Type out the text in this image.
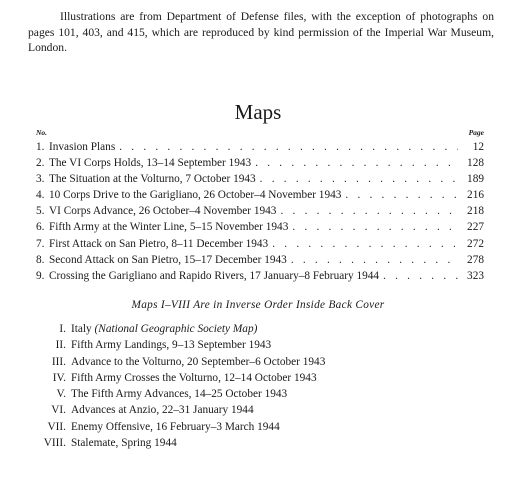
Illustrations are from Department of Defense files, with the exception of photographs on pages 101, 403, and 415, which are reproduced by kind permission of the Imperial War Museum, London.

Maps
No.	Page
1. Invasion Plans . . .	12
2. The VI Corps Holds, 13–14 September 1943 . . .	128
3. The Situation at the Volturno, 7 October 1943 . . .	189
4. 10 Corps Drive to the Garigliano, 26 October–4 November 1943 . . .	216
5. VI Corps Advance, 26 October–4 November 1943 . . .	218
6. Fifth Army at the Winter Line, 5–15 November 1943 . . .	227
7. First Attack on San Pietro, 8–11 December 1943 . . .	272
8. Second Attack on San Pietro, 15–17 December 1943 . . .	278
9. Crossing the Garigliano and Rapido Rivers, 17 January–8 February 1944 . . .	323
Maps I–VIII Are in Inverse Order Inside Back Cover
I. Italy (National Geographic Society Map)
II. Fifth Army Landings, 9–13 September 1943
III. Advance to the Volturno, 20 September–6 October 1943
IV. Fifth Army Crosses the Volturno, 12–14 October 1943
V. The Fifth Army Advances, 14–25 October 1943
VI. Advances at Anzio, 22–31 January 1944
VII. Enemy Offensive, 16 February–3 March 1944
VIII. Stalemate, Spring 1944
